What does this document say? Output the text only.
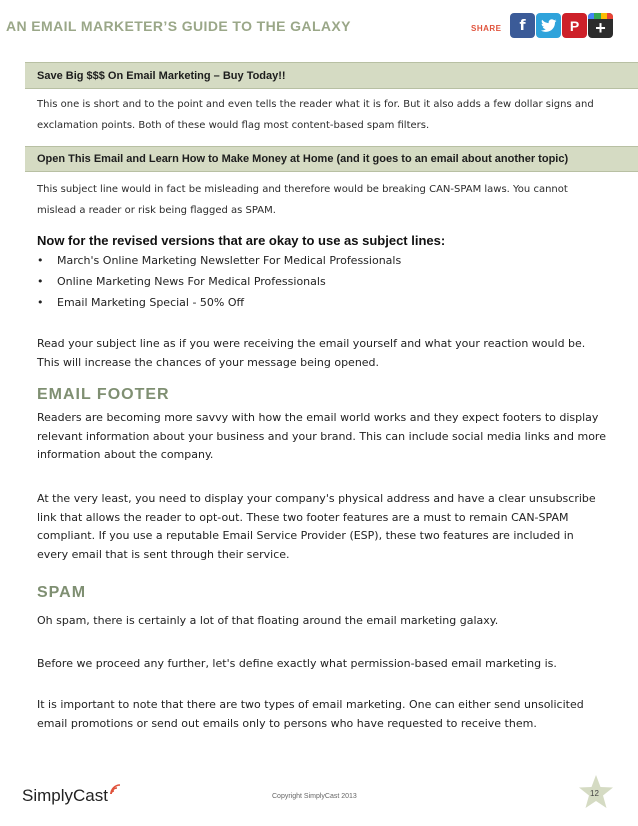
AN EMAIL MARKETER’S GUIDE TO THE GALAXY	SHARE f	P +
Save Big $$$ On Email Marketing – Buy Today!!
This one is short and to the point and even tells the reader what it is for. But it also adds a few dollar signs and exclamation points. Both of these would flag most content-based spam filters.
Open This Email and Learn How to Make Money at Home (and it goes to an email about another topic)
This subject line would in fact be misleading and therefore would be breaking CAN-SPAM laws. You cannot mislead a reader or risk being flagged as SPAM.
Now for the revised versions that are okay to use as subject lines:
•	March's Online Marketing Newsletter For Medical Professionals
•	Online Marketing News For Medical Professionals
•	Email Marketing Special - 50% Off
Read your subject line as if you were receiving the email yourself and what your reaction would be. This will increase the chances of your message being opened.
EMAIL FOOTER
Readers are becoming more savvy with how the email world works and they expect footers to display relevant information about your business and your brand. This can include social media links and more information about the company.
At the very least, you need to display your company's physical address and have a clear unsubscribe link that allows the reader to opt-out. These two footer features are a must to remain CAN-SPAM compliant. If you use a reputable Email Service Provider (ESP), these two features are included in every email that is sent through their service.
SPAM
Oh spam, there is certainly a lot of that floating around the email marketing galaxy.
Before we proceed any further, let's define exactly what permission-based email marketing is.
It is important to note that there are two types of email marketing. One can either send unsolicited email promotions or send out emails only to persons who have requested to receive them.
SimplyCast	Copyright SimplyCast 2013	12
